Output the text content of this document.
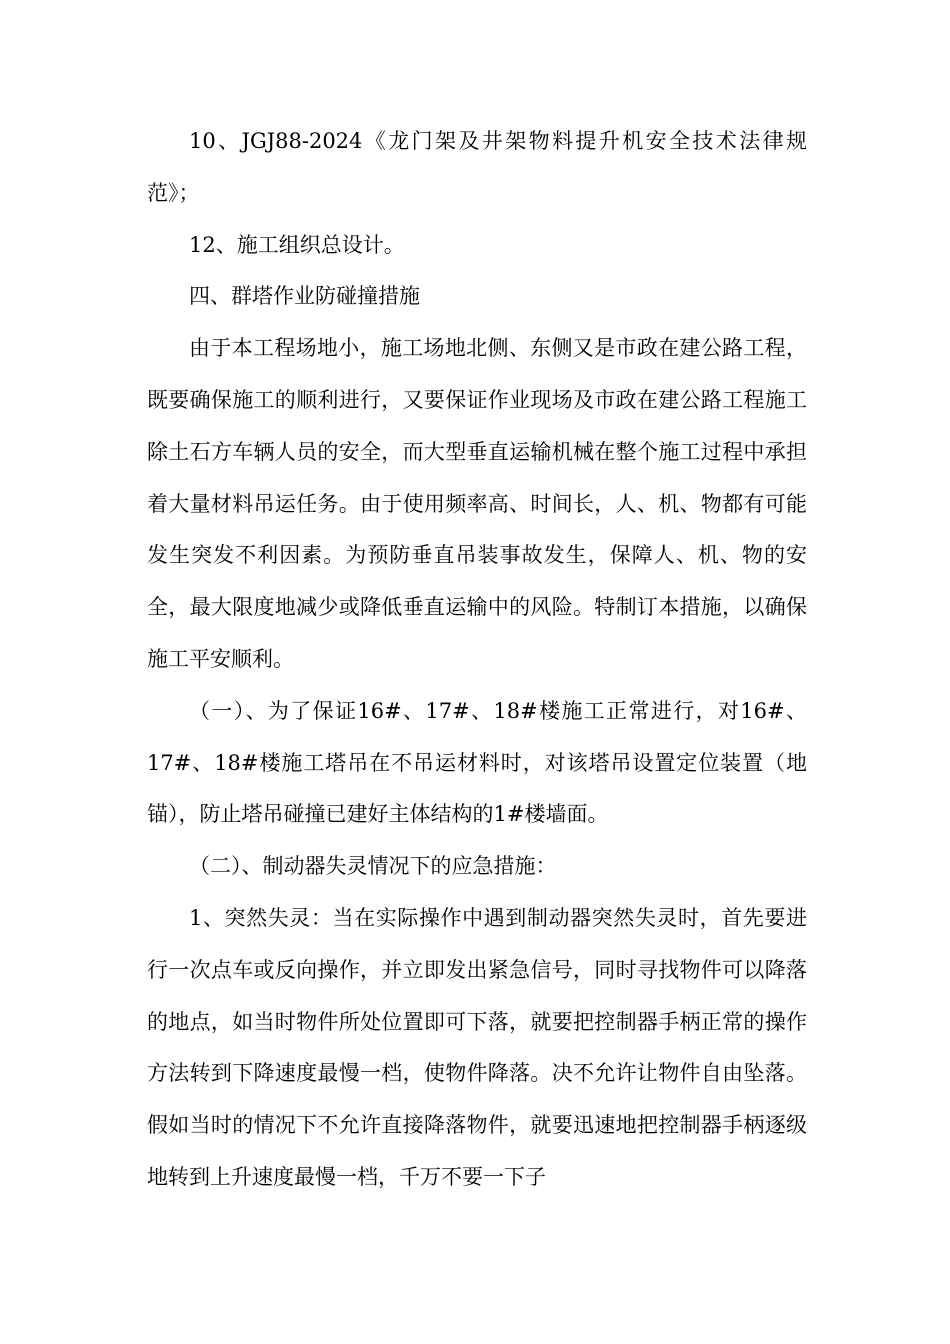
10、JGJ88-2024《龙门架及井架物料提升机安全技术法律规范》；

12、施工组织总设计。

四、群塔作业防碰撞措施

由于本工程场地小，施工场地北侧、东侧又是市政在建公路工程，既要确保施工的顺利进行，又要保证作业现场及市政在建公路工程施工除土石方车辆人员的安全，而大型垂直运输机械在整个施工过程中承担着大量材料吊运任务。由于使用频率高、时间长，人、机、物都有可能发生突发不利因素。为预防垂直吊装事故发生，保障人、机、物的安全，最大限度地减少或降低垂直运输中的风险。特制订本措施，以确保施工平安顺利。

（一）、为了保证16#、17#、18#楼施工正常进行，对16#、17#、18#楼施工塔吊在不吊运材料时，对该塔吊设置定位装置（地锚），防止塔吊碰撞已建好主体结构的1#楼墙面。

（二）、制动器失灵情况下的应急措施：

1、突然失灵：当在实际操作中遇到制动器突然失灵时，首先要进行一次点车或反向操作，并立即发出紧急信号，同时寻找物件可以降落的地点，如当时物件所处位置即可下落，就要把控制器手柄正常的操作方法转到下降速度最慢一档，使物件降落。决不允许让物件自由坠落。假如当时的情况下不允许直接降落物件，就要迅速地把控制器手柄逐级地转到上升速度最慢一档，千万不要一下子
